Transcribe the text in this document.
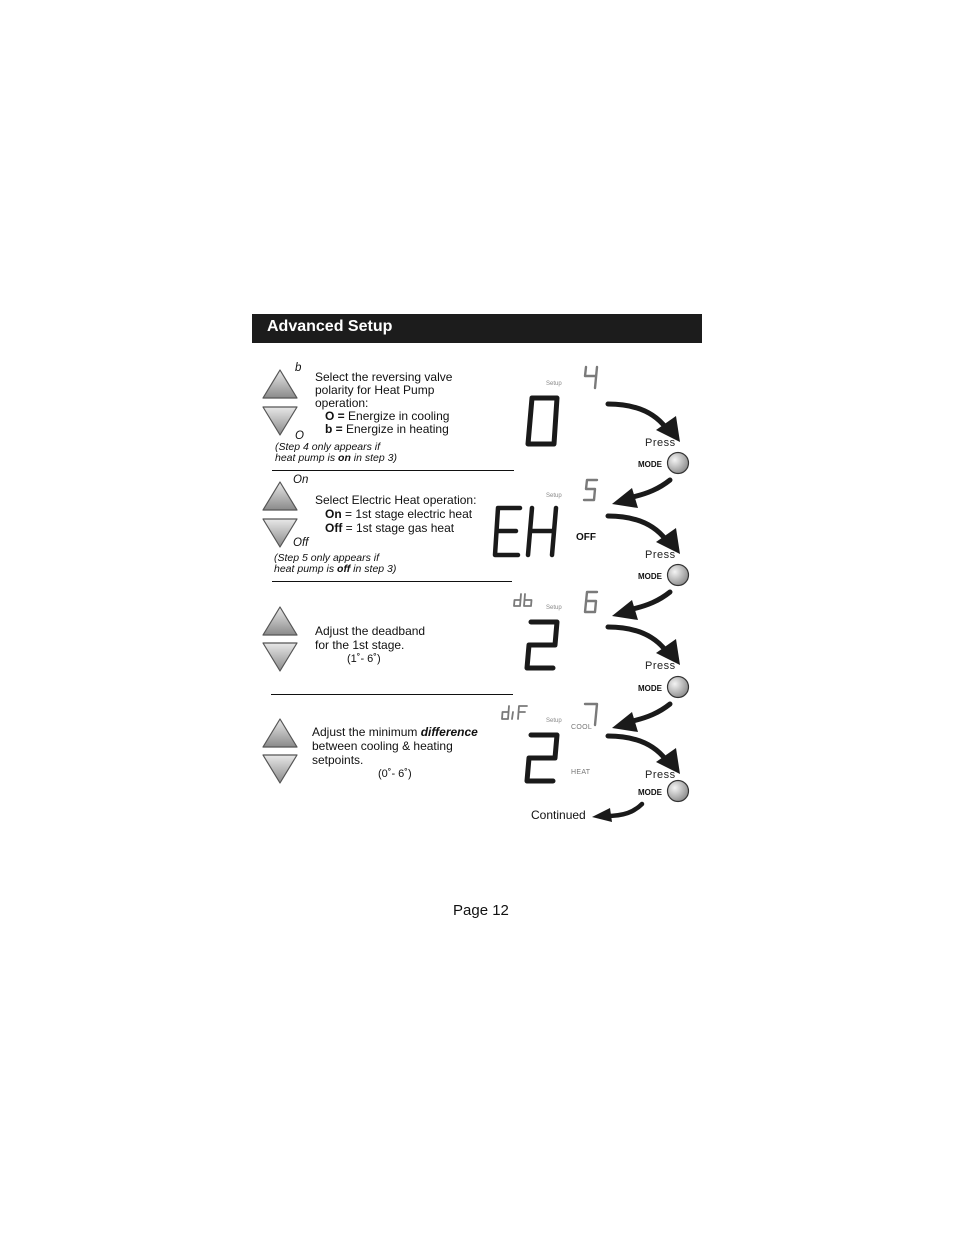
Advanced Setup
b
O
Select the reversing valve
polarity for Heat Pump
operation:
O = Energize in cooling
b = Energize in heating
(Step 4 only appears if
heat pump is on in step 3)
On
Off
Select Electric Heat operation:
On = 1st stage electric heat
Off = 1st stage gas heat
(Step 5 only appears if
heat pump is off in step 3)
Adjust the deadband
for the 1st stage.
(1˚- 6˚)
Adjust the minimum difference
between cooling & heating
setpoints.
(0˚- 6˚)
Setup
Press
MODE
Setup
OFF
Press
MODE
Setup
Press
MODE
Setup
COOL
HEAT	Press
MODE
Continued
Page 12
